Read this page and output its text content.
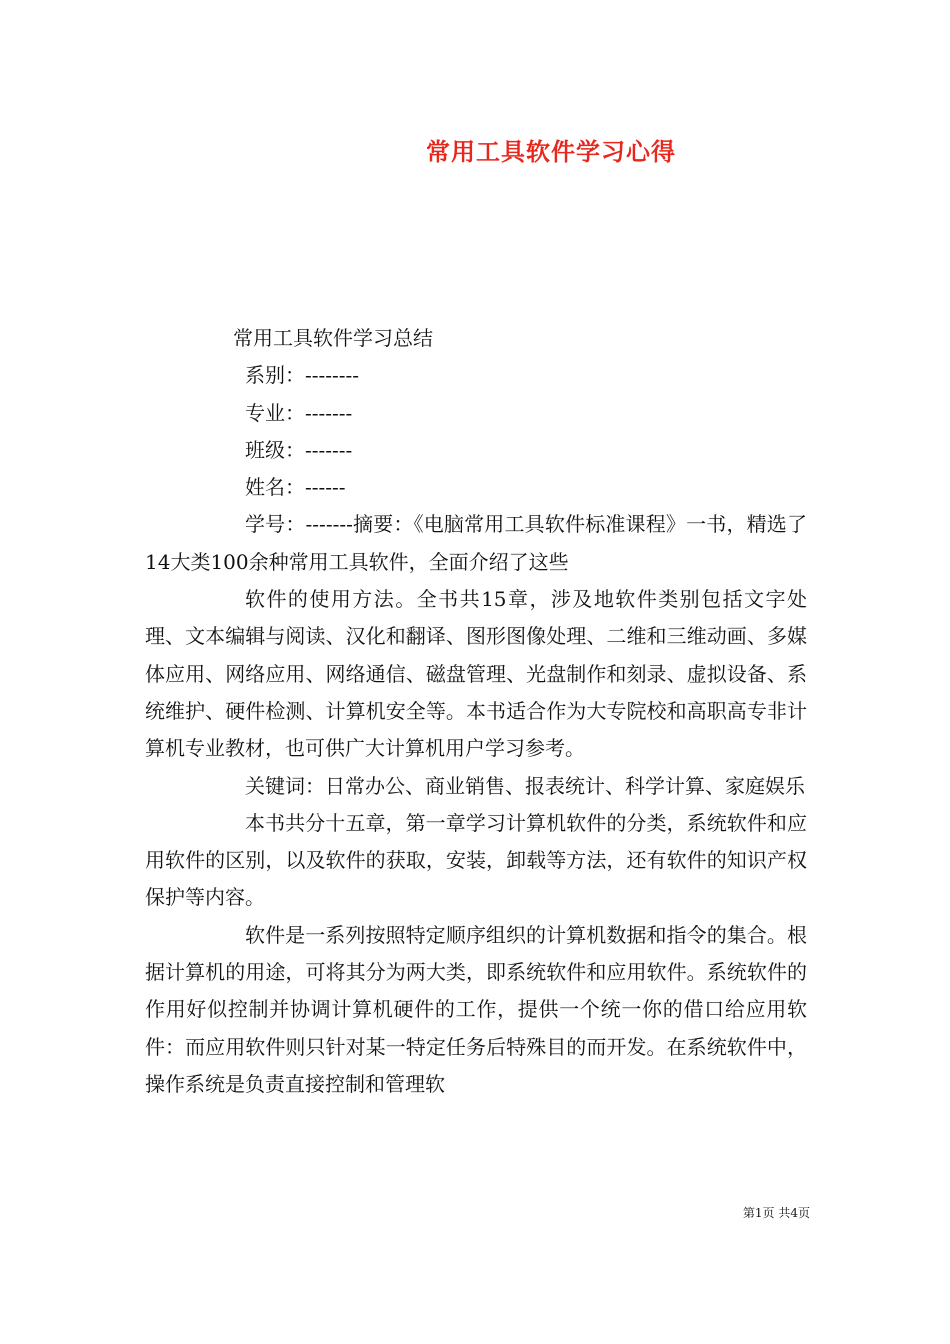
常用工具软件学习心得

常用工具软件学习总结

系别：--------

专业：-------

班级：-------

姓名：------

学号：-------摘要：《电脑常用工具软件标准课程》一书，精选了14大类100余种常用工具软件，全面介绍了这些

软件的使用方法。全书共15章，涉及地软件类别包括文字处理、文本编辑与阅读、汉化和翻译、图形图像处理、二维和三维动画、多媒体应用、网络应用、网络通信、磁盘管理、光盘制作和刻录、虚拟设备、系统维护、硬件检测、计算机安全等。本书适合作为大专院校和高职高专非计算机专业教材，也可供广大计算机用户学习参考。

关键词：日常办公、商业销售、报表统计、科学计算、家庭娱乐

本书共分十五章，第一章学习计算机软件的分类，系统软件和应用软件的区别，以及软件的获取，安装，卸载等方法，还有软件的知识产权保护等内容。

软件是一系列按照特定顺序组织的计算机数据和指令的集合。根据计算机的用途，可将其分为两大类，即系统软件和应用软件。系统软件的作用好似控制并协调计算机硬件的工作，提供一个统一你的借口给应用软件：而应用软件则只针对某一特定任务后特殊目的而开发。在系统软件中，操作系统是负责直接控制和管理软

第1页 共4页
